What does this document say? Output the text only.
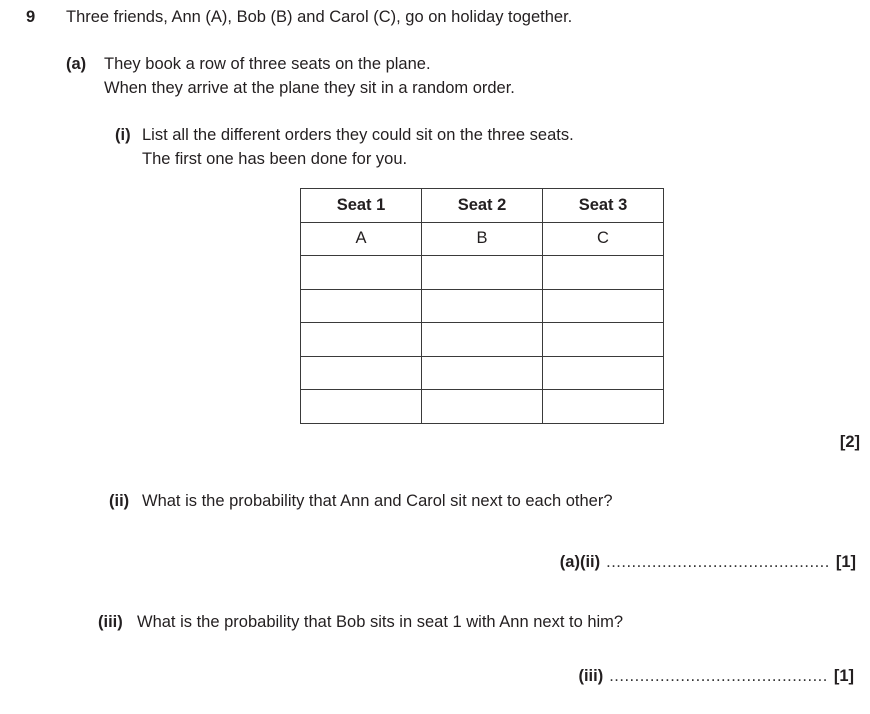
9 Three friends, Ann (A), Bob (B) and Carol (C), go on holiday together.
(a) They book a row of three seats on the plane.
When they arrive at the plane they sit in a random order.
(i) List all the different orders they could sit on the three seats.
The first one has been done for you.
Seat 1	Seat 2	Seat 3
A	B	C

[2]
(ii) What is the probability that Ann and Carol sit next to each other?
(a)(ii) ............................................ [1]
(iii) What is the probability that Bob sits in seat 1 with Ann next to him?
(iii) ........................................... [1]
